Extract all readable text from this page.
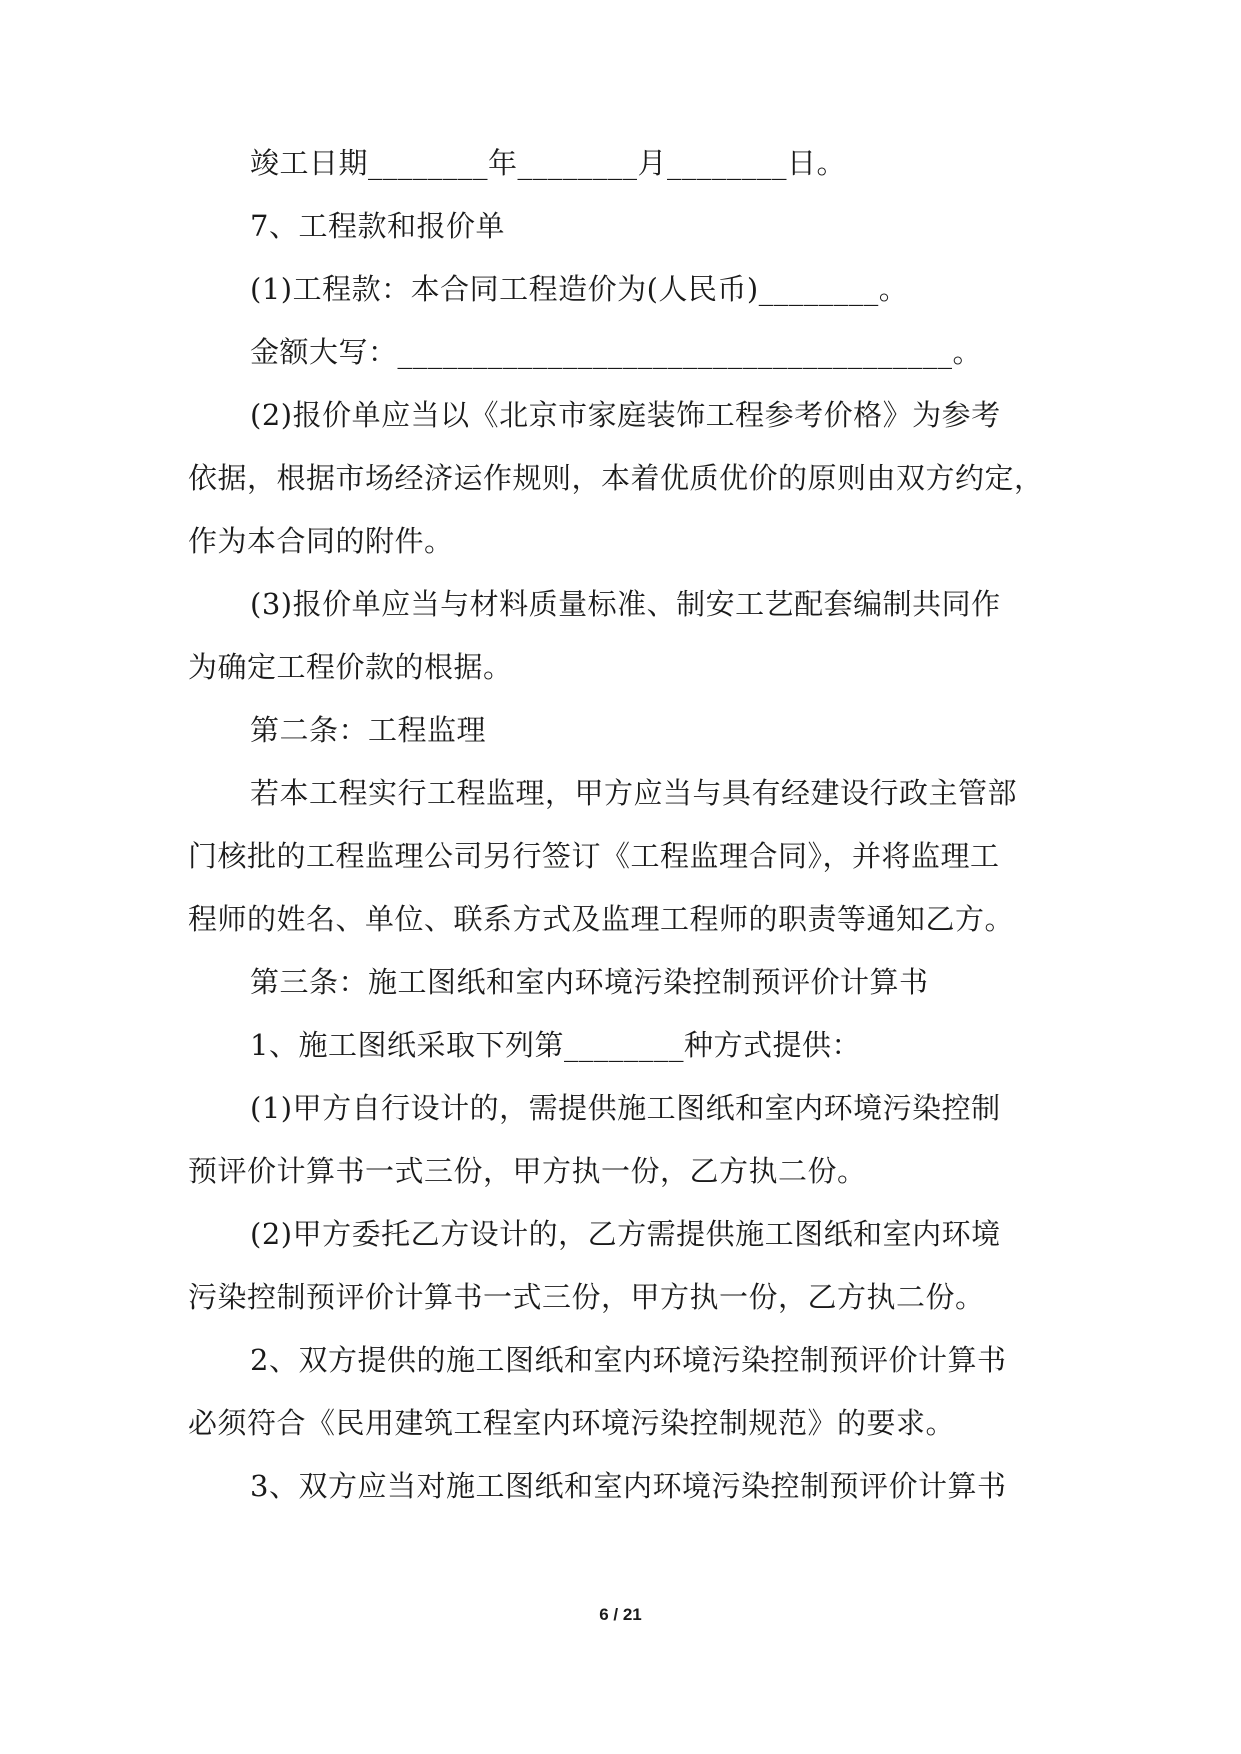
竣工日期________年________月________日。
7、工程款和报价单
(1)工程款：本合同工程造价为(人民币)________。
金额大写：_____________________________________。
(2)报价单应当以《北京市家庭装饰工程参考价格》为参考
依据，根据市场经济运作规则，本着优质优价的原则由双方约定，
作为本合同的附件。
(3)报价单应当与材料质量标准、制安工艺配套编制共同作
为确定工程价款的根据。
第二条：工程监理
若本工程实行工程监理，甲方应当与具有经建设行政主管部
门核批的工程监理公司另行签订《工程监理合同》，并将监理工
程师的姓名、单位、联系方式及监理工程师的职责等通知乙方。
第三条：施工图纸和室内环境污染控制预评价计算书
1、施工图纸采取下列第________种方式提供：
(1)甲方自行设计的，需提供施工图纸和室内环境污染控制
预评价计算书一式三份，甲方执一份，乙方执二份。
(2)甲方委托乙方设计的，乙方需提供施工图纸和室内环境
污染控制预评价计算书一式三份，甲方执一份，乙方执二份。
2、双方提供的施工图纸和室内环境污染控制预评价计算书
必须符合《民用建筑工程室内环境污染控制规范》的要求。
3、双方应当对施工图纸和室内环境污染控制预评价计算书
6 / 21
